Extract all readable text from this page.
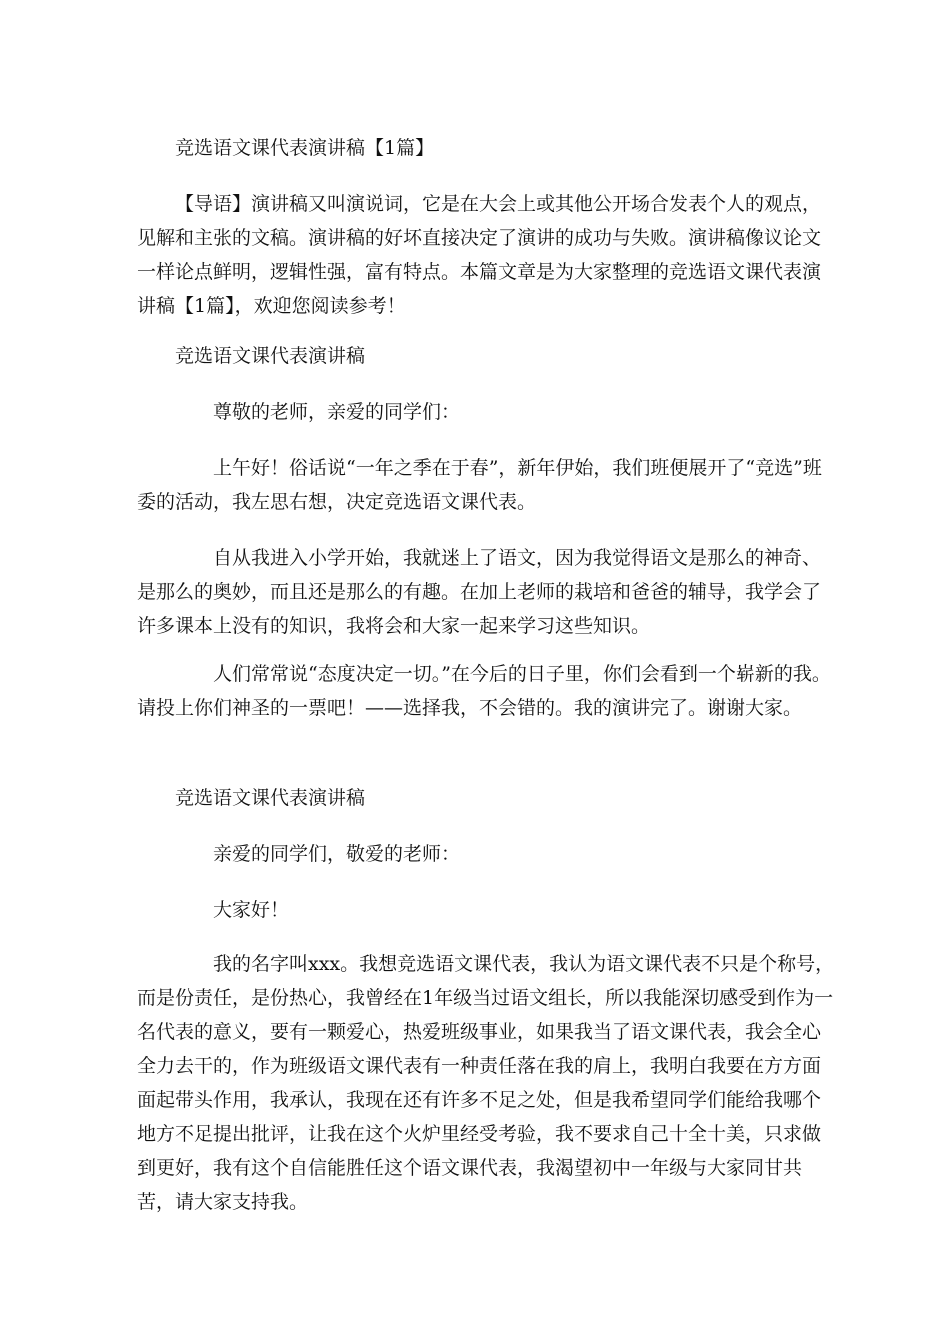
竞选语文课代表演讲稿【1篇】

【导语】演讲稿又叫演说词，它是在大会上或其他公开场合发表个人的观点，见解和主张的文稿。演讲稿的好坏直接决定了演讲的成功与失败。演讲稿像议论文一样论点鲜明，逻辑性强，富有特点。本篇文章是为大家整理的竞选语文课代表演讲稿【1篇】，欢迎您阅读参考！

竞选语文课代表演讲稿

尊敬的老师，亲爱的同学们：

上午好！俗话说“一年之季在于春”，新年伊始，我们班便展开了“竞选”班委的活动，我左思右想，决定竞选语文课代表。

自从我进入小学开始，我就迷上了语文，因为我觉得语文是那么的神奇、是那么的奥妙，而且还是那么的有趣。在加上老师的栽培和爸爸的辅导，我学会了许多课本上没有的知识，我将会和大家一起来学习这些知识。

人们常常说“态度决定一切。”在今后的日子里，你们会看到一个崭新的我。请投上你们神圣的一票吧！——选择我，不会错的。我的演讲完了。谢谢大家。

竞选语文课代表演讲稿

亲爱的同学们，敬爱的老师：

大家好！

我的名字叫xxx。我想竞选语文课代表，我认为语文课代表不只是个称号，而是份责任，是份热心，我曾经在1年级当过语文组长，所以我能深切感受到作为一名代表的意义，要有一颗爱心，热爱班级事业，如果我当了语文课代表，我会全心全力去干的，作为班级语文课代表有一种责任落在我的肩上，我明白我要在方方面面起带头作用，我承认，我现在还有许多不足之处，但是我希望同学们能给我哪个地方不足提出批评，让我在这个火炉里经受考验，我不要求自己十全十美，只求做到更好，我有这个自信能胜任这个语文课代表，我渴望初中一年级与大家同甘共苦，请大家支持我。
